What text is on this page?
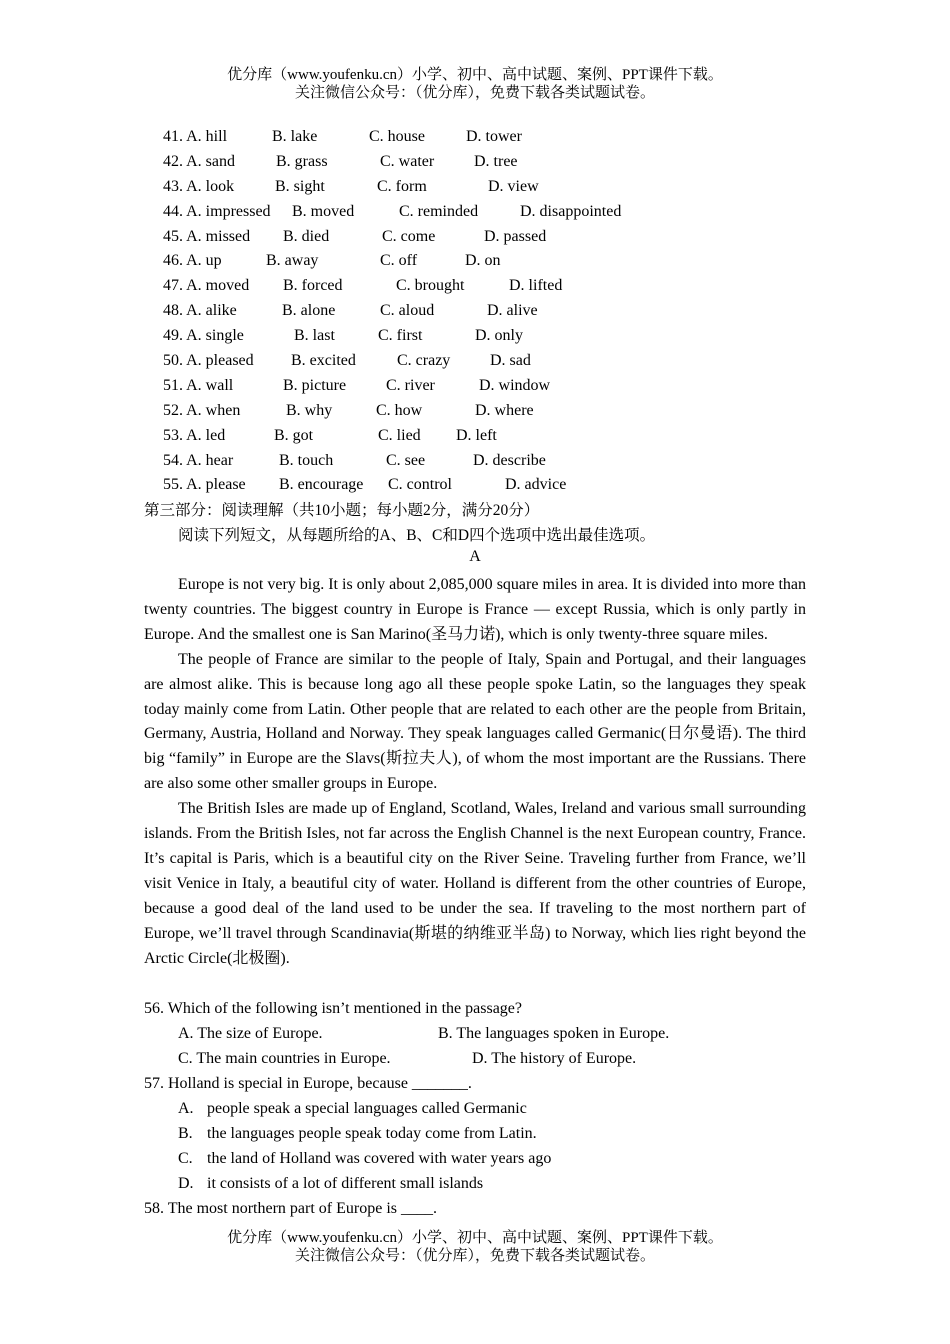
优分库（www.youfenku.cn）小学、初中、高中试题、案例、PPT课件下载。
关注微信公众号：（优分库），免费下载各类试题试卷。
41. A. hill	B. lake	C. house	D. tower
42. A. sand	B. grass	C. water D. tree
43. A. look	B. sight	C. form	D. view
44. A. impressed B. moved	C. reminded	D. disappointed
45. A. missed B. died	C. come	D. passed
46. A. up	B. away	C. off	D. on
47. A. moved B. forced	C. brought	D. lifted
48. A. alike	B. alone	C. aloud	D. alive
49. A. single	B. last	C. first	D. only
50. A. pleased B. excited	C. crazy D. sad
51. A. wall	B. picture C. river	D. window
52. A. when	B. why	C. how	D. where
53. A. led	B. got	C. lied D. left
54. A. hear	B. touch	C. see	D. describe
55. A. please B. encourage C. control	D. advice
第三部分：阅读理解（共10小题；每小题2分，满分20分）
阅读下列短文，从每题所给的A、B、C和D四个选项中选出最佳选项。
A

Europe is not very big. It is only about 2,085,000 square miles in area. It is divided into more than twenty countries. The biggest country in Europe is France — except Russia, which is only partly in Europe. And the smallest one is San Marino(圣马力诺), which is only twenty-three square miles.

The people of France are similar to the people of Italy, Spain and Portugal, and their languages are almost alike. This is because long ago all these people spoke Latin, so the languages they speak today mainly come from Latin. Other people that are related to each other are the people from Britain, Germany, Austria, Holland and Norway. They speak languages called Germanic(日尔曼语). The third big “family” in Europe are the Slavs(斯拉夫人), of whom the most important are the Russians. There are also some other smaller groups in Europe.

The British Isles are made up of England, Scotland, Wales, Ireland and various small surrounding islands. From the British Isles, not far across the English Channel is the next European country, France. It’s capital is Paris, which is a beautiful city on the River Seine. Traveling further from France, we’ll visit Venice in Italy, a beautiful city of water. Holland is different from the other countries of Europe, because a good deal of the land used to be under the sea. If traveling to the most northern part of Europe, we’ll travel through Scandinavia(斯堪的纳维亚半岛) to Norway, which lies right beyond the Arctic Circle(北极圈).

56. Which of the following isn’t mentioned in the passage?
A. The size of Europe.	B. The languages spoken in Europe.
C. The main countries in Europe.	D. The history of Europe.
57. Holland is special in Europe, because _______.
A. people speak a special languages called Germanic
B. the languages people speak today come from Latin.
C. the land of Holland was covered with water years ago
D. it consists of a lot of different small islands
58. The most northern part of Europe is ____.
优分库（www.youfenku.cn）小学、初中、高中试题、案例、PPT课件下载。
关注微信公众号：（优分库），免费下载各类试题试卷。
